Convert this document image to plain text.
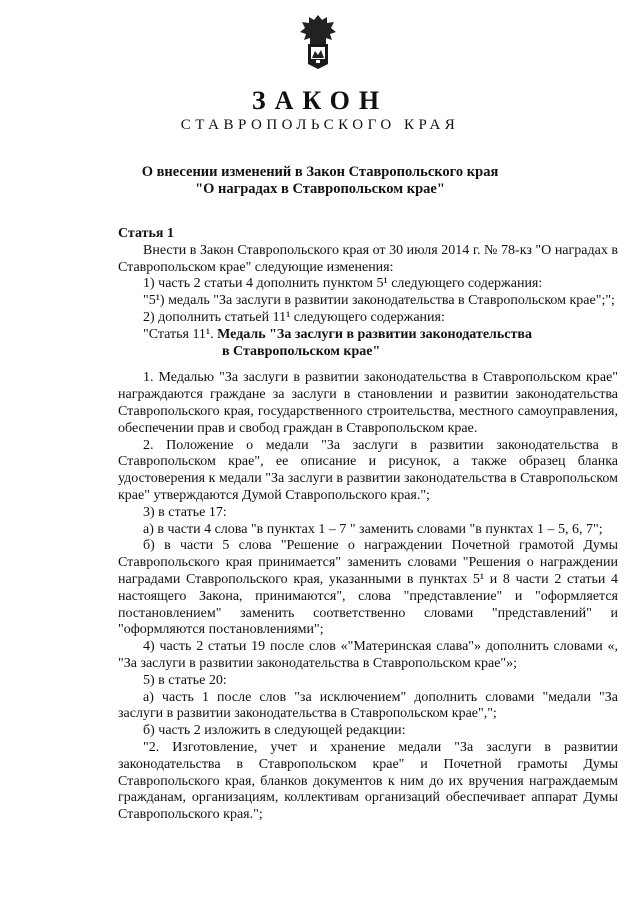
ЗАКОН
СТАВРОПОЛЬСКОГО КРАЯ
О внесении изменений в Закон Ставропольского края
"О наградах в Ставропольском крае"

Статья 1

Внести в Закон Ставропольского края от 30 июля 2014 г. № 78-кз "О наградах в Ставропольском крае" следующие изменения:

1) часть 2 статьи 4 дополнить пунктом 5¹ следующего содержания:

"5¹) медаль "За заслуги в развитии законодательства в Ставропольском крае";";

2) дополнить статьей 11¹ следующего содержания:

"Статья 11¹. Медаль "За заслуги в развитии законодательства
в Ставропольском крае"

1. Медалью "За заслуги в развитии законодательства в Ставропольском крае" награждаются граждане за заслуги в становлении и развитии законодательства Ставропольского края, государственного строительства, местного самоуправления, обеспечении прав и свобод граждан в Ставропольском крае.

2. Положение о медали "За заслуги в развитии законодательства в Ставропольском крае", ее описание и рисунок, а также образец бланка удостоверения к медали "За заслуги в развитии законодательства в Ставропольском крае" утверждаются Думой Ставропольского края.";

3) в статье 17:

а) в части 4 слова "в пунктах 1 – 7 " заменить словами "в пунктах 1 – 5, 6, 7";

б) в части 5 слова "Решение о награждении Почетной грамотой Думы Ставропольского края принимается" заменить словами "Решения о награждении наградами Ставропольского края, указанными в пунктах 5¹ и 8 части 2 статьи 4 настоящего Закона, принимаются", слова "представление" и "оформляется постановлением" заменить соответственно словами "представлений" и "оформляются постановлениями";

4) часть 2 статьи 19 после слов «"Материнская слава"» дополнить словами «, "За заслуги в развитии законодательства в Ставропольском крае"»;

5) в статье 20:

а) часть 1 после слов "за исключением" дополнить словами "медали "За заслуги в развитии законодательства в Ставропольском крае",";

б) часть 2 изложить в следующей редакции:

"2. Изготовление, учет и хранение медали "За заслуги в развитии законодательства в Ставропольском крае" и Почетной грамоты Думы Ставропольского края, бланков документов к ним до их вручения награждаемым гражданам, организациям, коллективам организаций обеспечивает аппарат Думы Ставропольского края.";
